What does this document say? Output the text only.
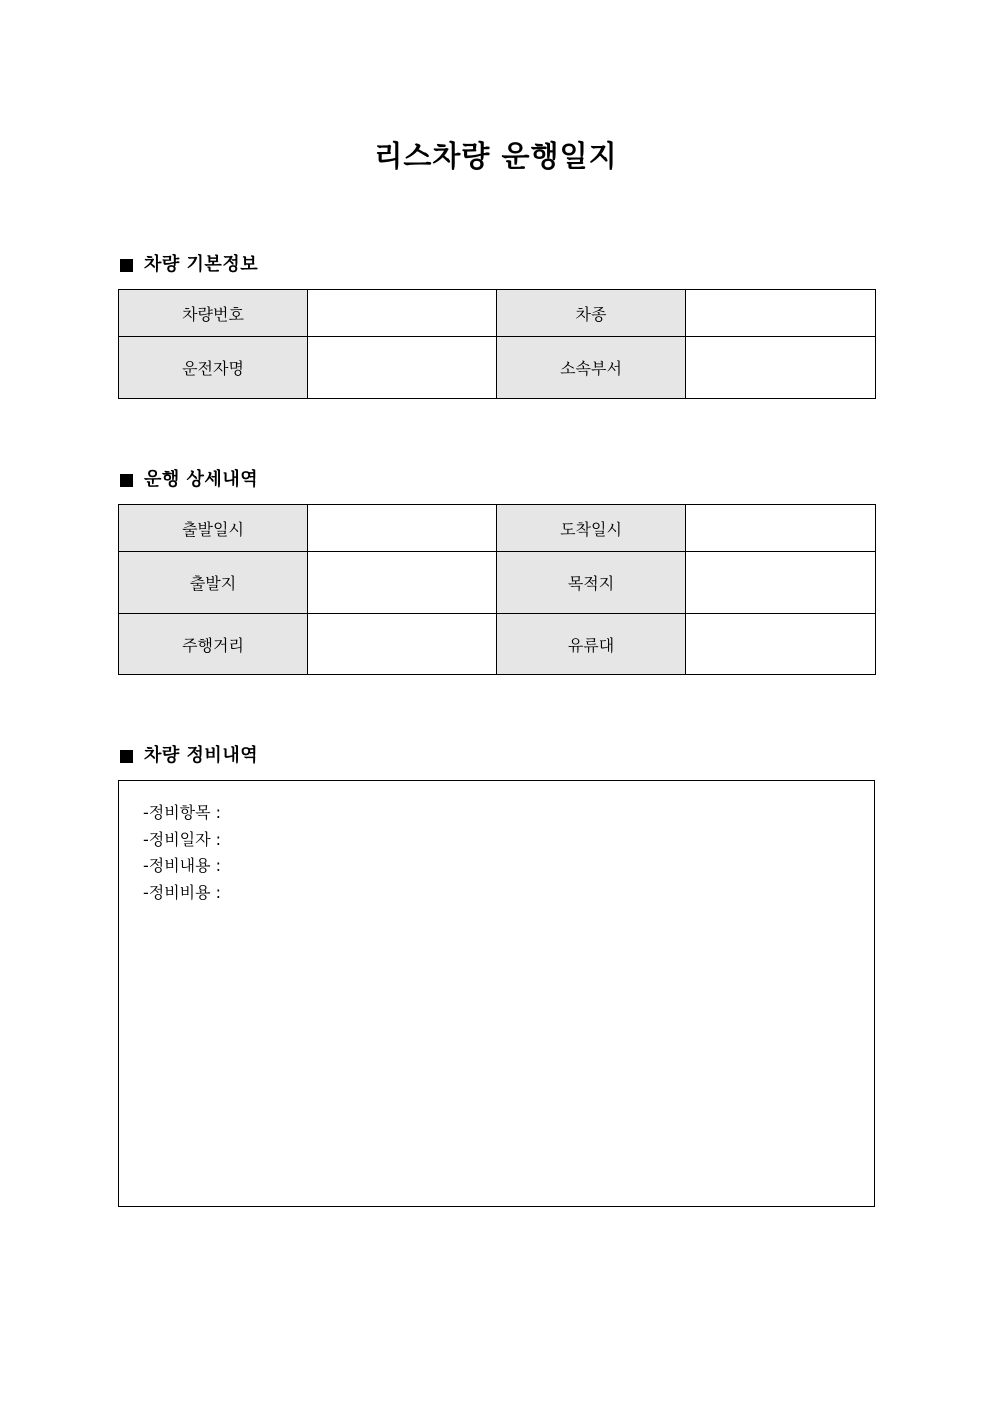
리스차량 운행일지
차량 기본정보
차량번호		차종	
운전자명		소속부서	
운행 상세내역
출발일시		도착일시	
출발지		목적지	
주행거리		유류대	
차량 정비내역
-정비항목 :
-정비일자 :
-정비내용 :
-정비비용 :
